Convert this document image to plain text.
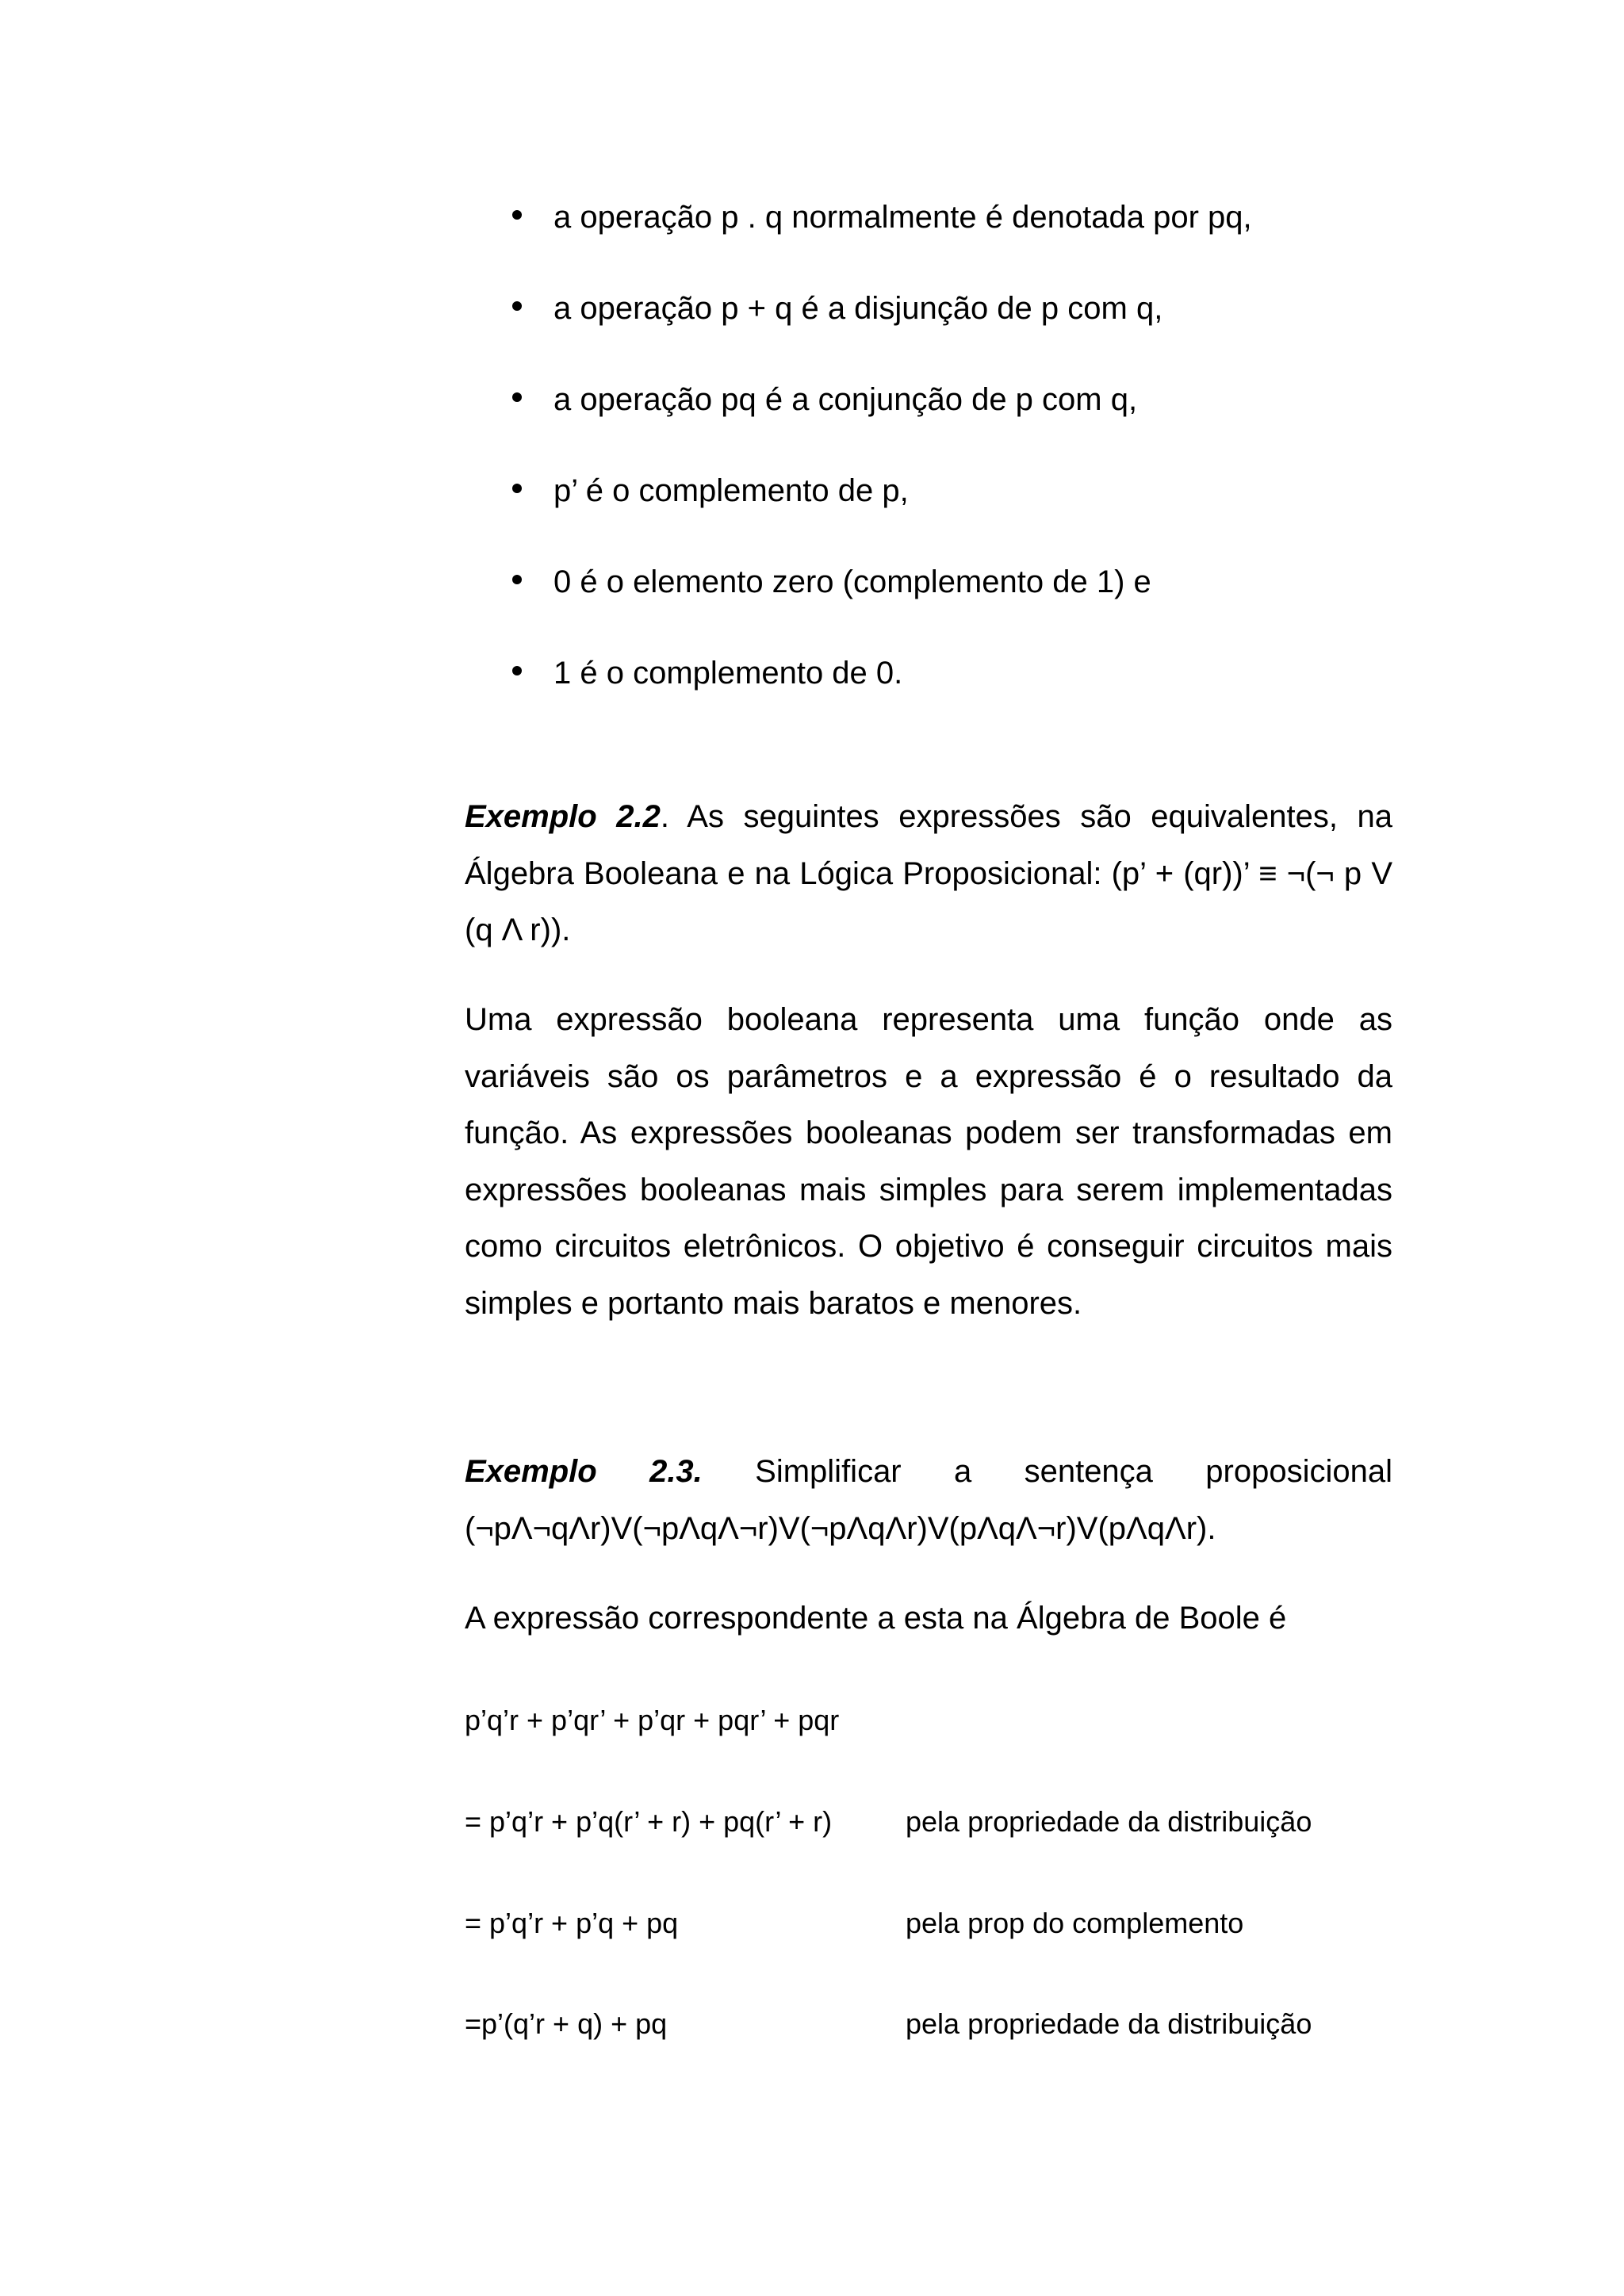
a operação p . q normalmente é denotada por pq,
a operação p + q é a disjunção de p com q,
a operação pq é a conjunção de p com q,
p’ é o complemento de p,
0 é o elemento zero (complemento de 1) e
1 é o complemento de 0.
Exemplo 2.2. As seguintes expressões são equivalentes, na Álgebra Booleana e na Lógica Proposicional: (p’ + (qr))’ ≡ ¬(¬ p V (q Λ r)).
Uma expressão booleana representa uma função onde as variáveis são os parâmetros e a expressão é o resultado da função. As expressões booleanas podem ser transformadas em expressões booleanas mais simples para serem implementadas como circuitos eletrônicos. O objetivo é conseguir circuitos mais simples e portanto mais baratos e menores.
Exemplo 2.3. Simplificar a sentença proposicional
(¬pΛ¬qΛr)V(¬pΛqΛ¬r)V(¬pΛqΛr)V(pΛqΛ¬r)V(pΛqΛr).
A expressão correspondente a esta na Álgebra de Boole é
p’q’r + p’qr’ + p’qr + pqr’ + pqr
= p’q’r + p’q(r’ + r) + pq(r’ + r)	pela propriedade da distribuição
= p’q’r + p’q + pq	pela prop do complemento
=p’(q’r + q) + pq	pela propriedade da distribuição
